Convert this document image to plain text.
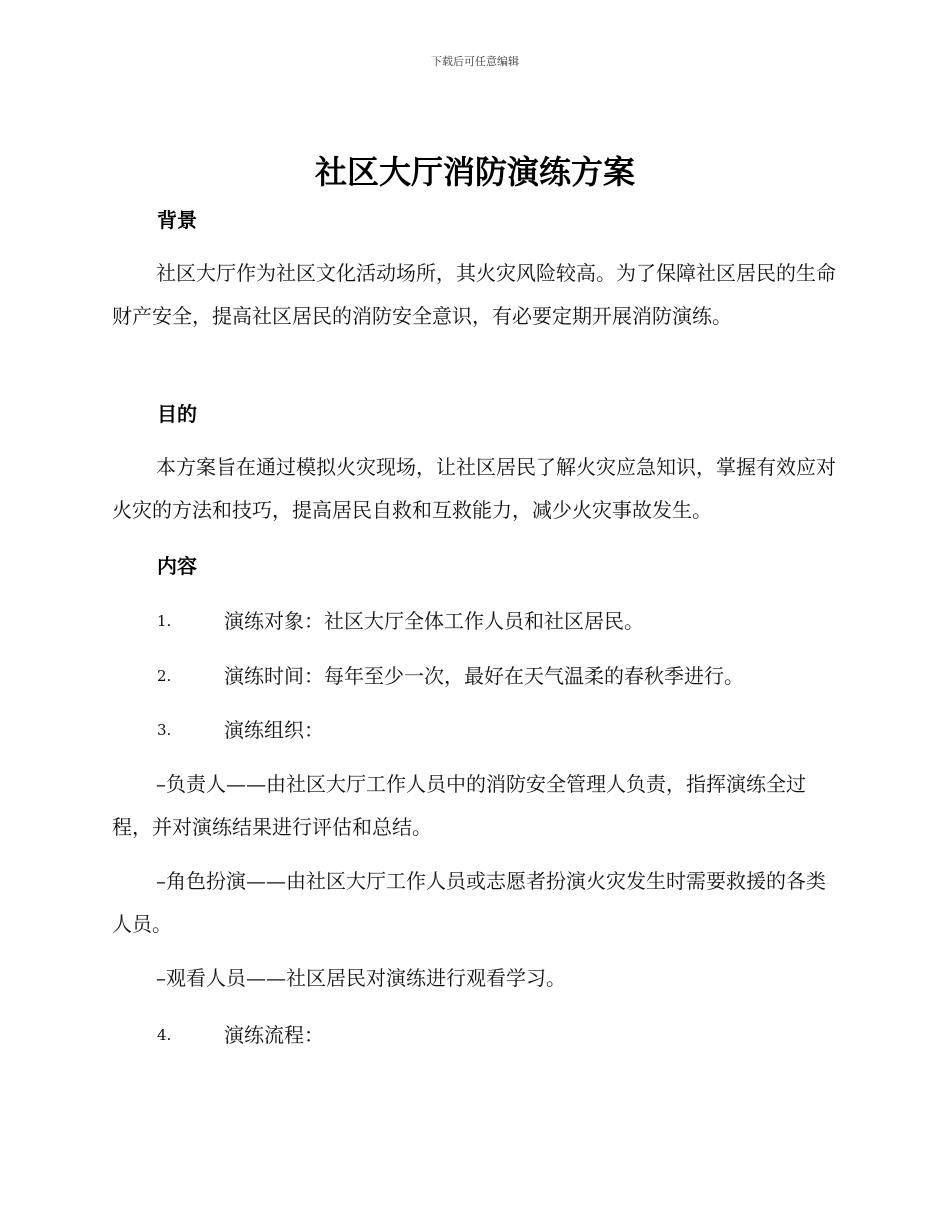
下载后可任意编辑
社区大厅消防演练方案
背景

社区大厅作为社区文化活动场所，其火灾风险较高。为了保障社区居民的生命财产安全，提高社区居民的消防安全意识，有必要定期开展消防演练。

目的

本方案旨在通过模拟火灾现场，让社区居民了解火灾应急知识，掌握有效应对火灾的方法和技巧，提高居民自救和互救能力，减少火灾事故发生。

内容
1.	演练对象：社区大厅全体工作人员和社区居民。
2.	演练时间：每年至少一次，最好在天气温柔的春秋季进行。
3.	演练组织：

–负责人——由社区大厅工作人员中的消防安全管理人负责，指挥演练全过程，并对演练结果进行评估和总结。

–角色扮演——由社区大厅工作人员或志愿者扮演火灾发生时需要救援的各类人员。

–观看人员——社区居民对演练进行观看学习。

4.	演练流程：
